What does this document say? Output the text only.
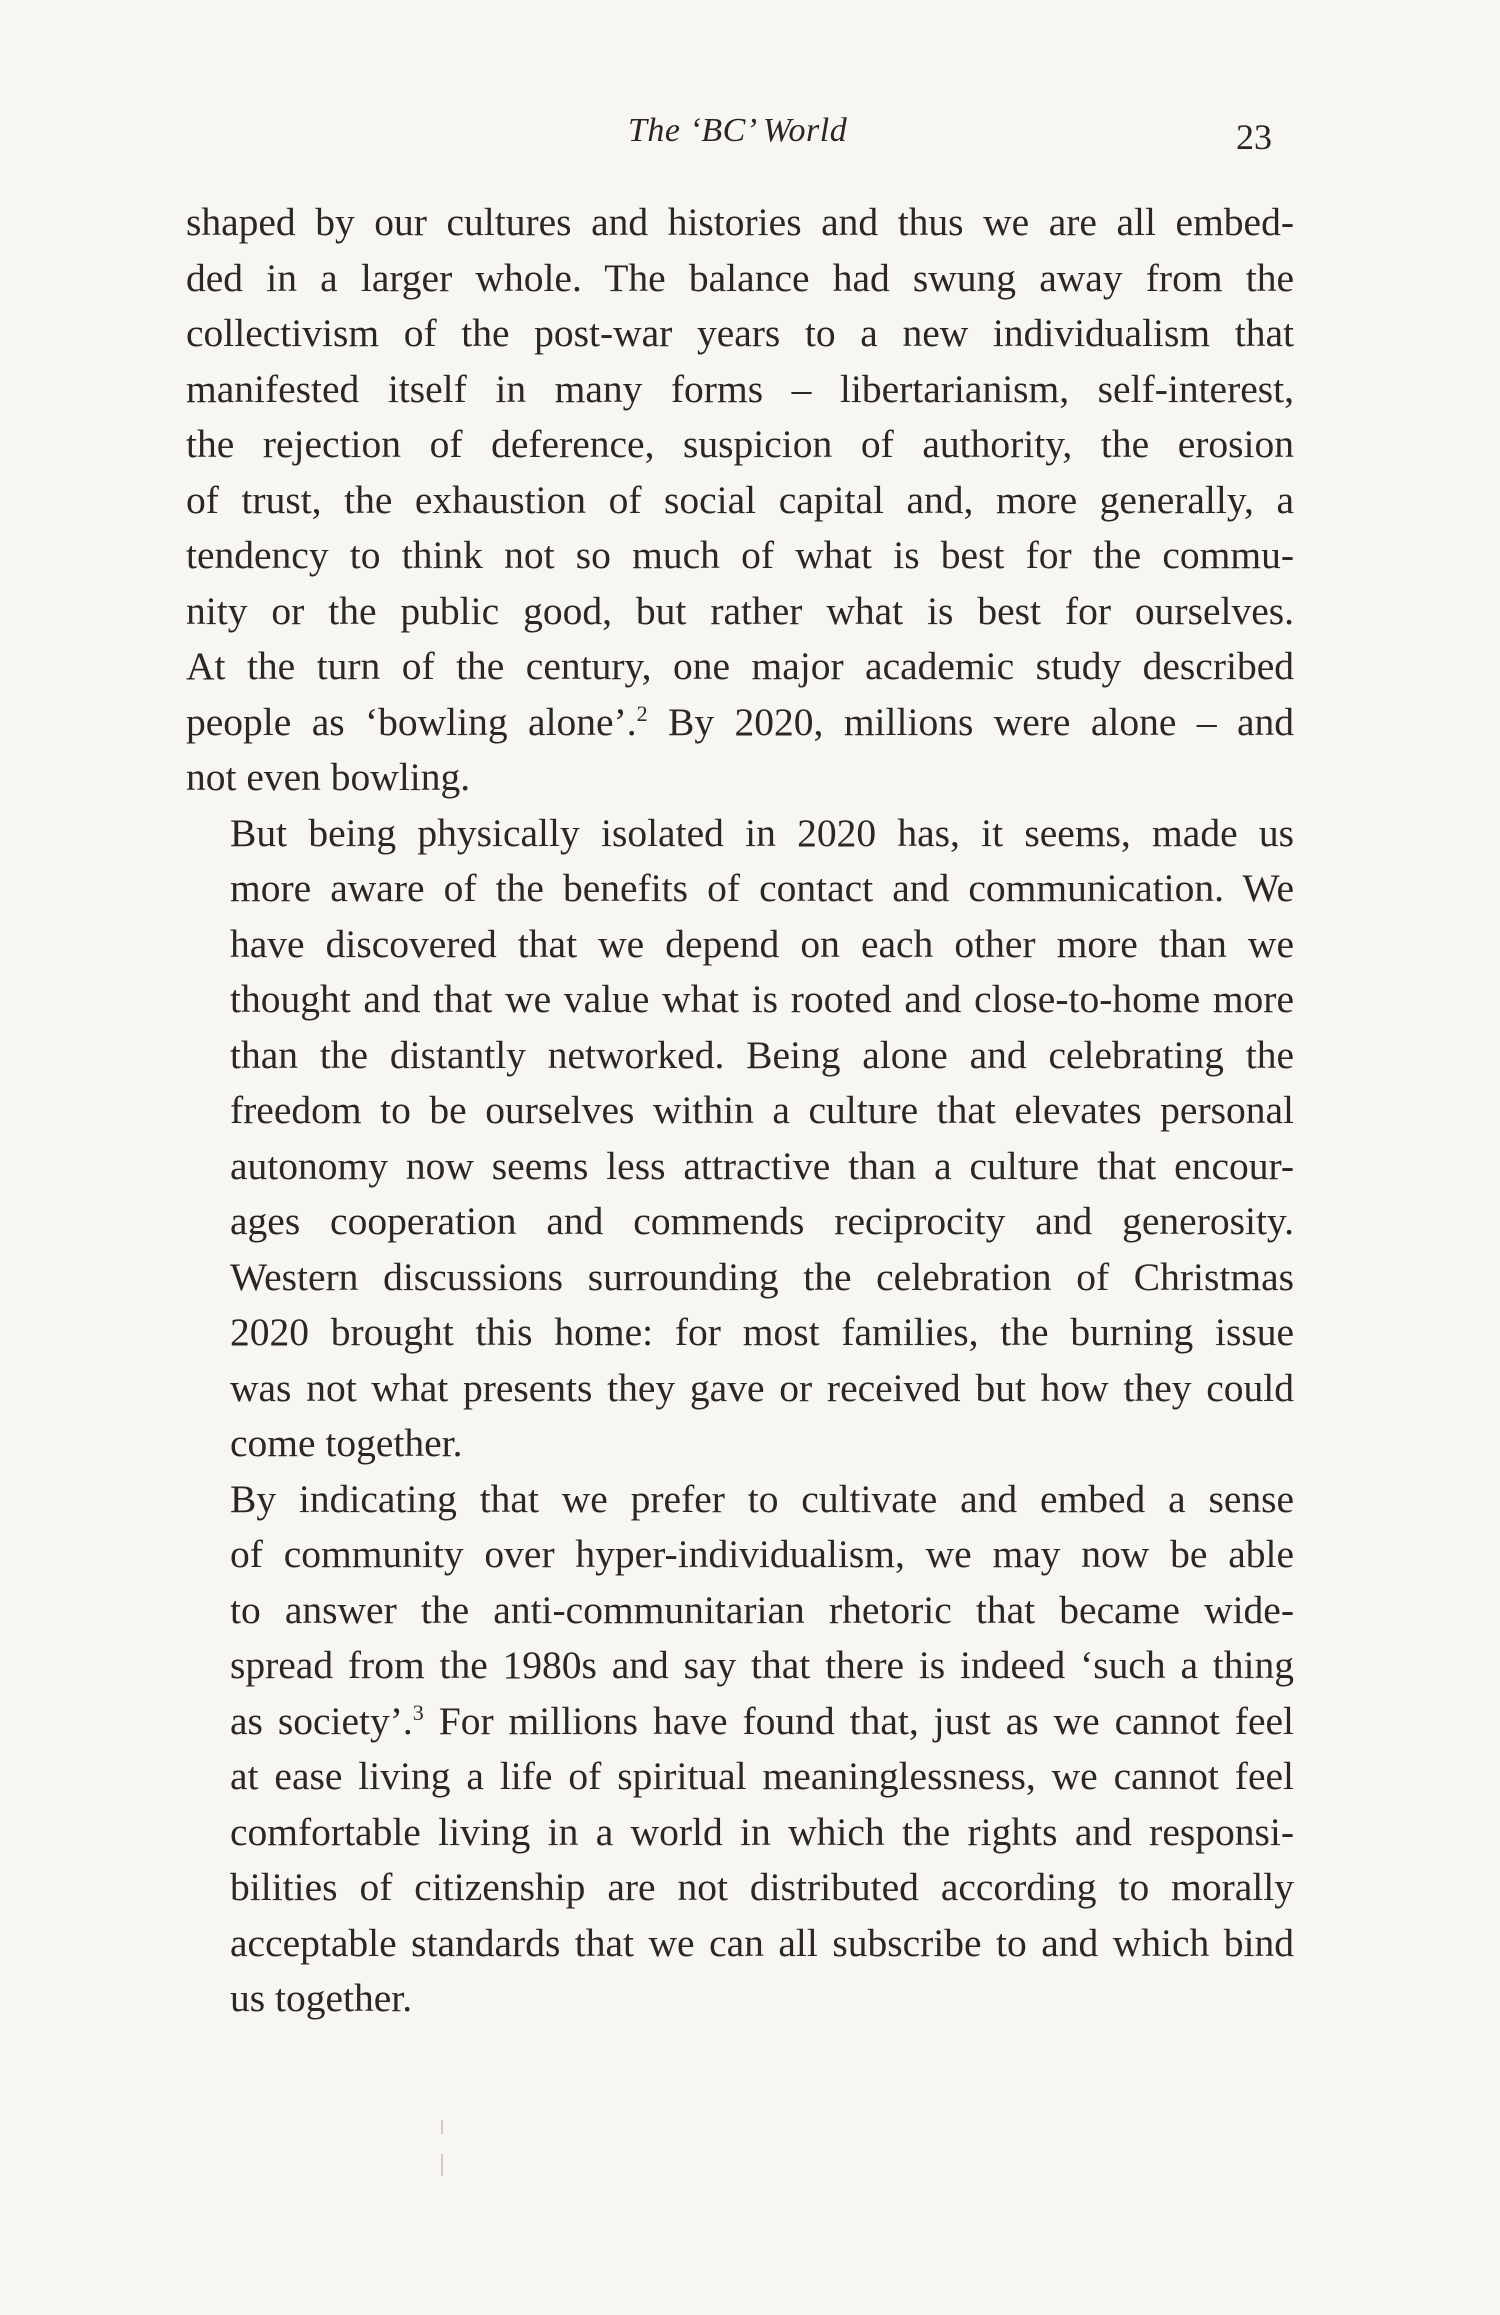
The ‘BC’ World	23

shaped by our cultures and histories and thus we are all embed-
ded in a larger whole. The balance had swung away from the
collectivism of the post-war years to a new individualism that
manifested itself in many forms – libertarianism, self-interest,
the rejection of deference, suspicion of authority, the erosion
of trust, the exhaustion of social capital and, more generally, a
tendency to think not so much of what is best for the commu-
nity or the public good, but rather what is best for ourselves.
At the turn of the century, one major academic study described
people as ‘bowling alone’.$^2$ By 2020, millions were alone – and
not even bowling.

But being physically isolated in 2020 has, it seems, made us
more aware of the benefits of contact and communication. We
have discovered that we depend on each other more than we
thought and that we value what is rooted and close-to-home more
than the distantly networked. Being alone and celebrating the
freedom to be ourselves within a culture that elevates personal
autonomy now seems less attractive than a culture that encour-
ages cooperation and commends reciprocity and generosity.
Western discussions surrounding the celebration of Christmas
2020 brought this home: for most families, the burning issue
was not what presents they gave or received but how they could
come together.

By indicating that we prefer to cultivate and embed a sense
of community over hyper-individualism, we may now be able
to answer the anti-communitarian rhetoric that became wide-
spread from the 1980s and say that there is indeed ‘such a thing
as society’.$^3$ For millions have found that, just as we cannot feel
at ease living a life of spiritual meaninglessness, we cannot feel
comfortable living in a world in which the rights and responsi-
bilities of citizenship are not distributed according to morally
acceptable standards that we can all subscribe to and which bind
us together.
